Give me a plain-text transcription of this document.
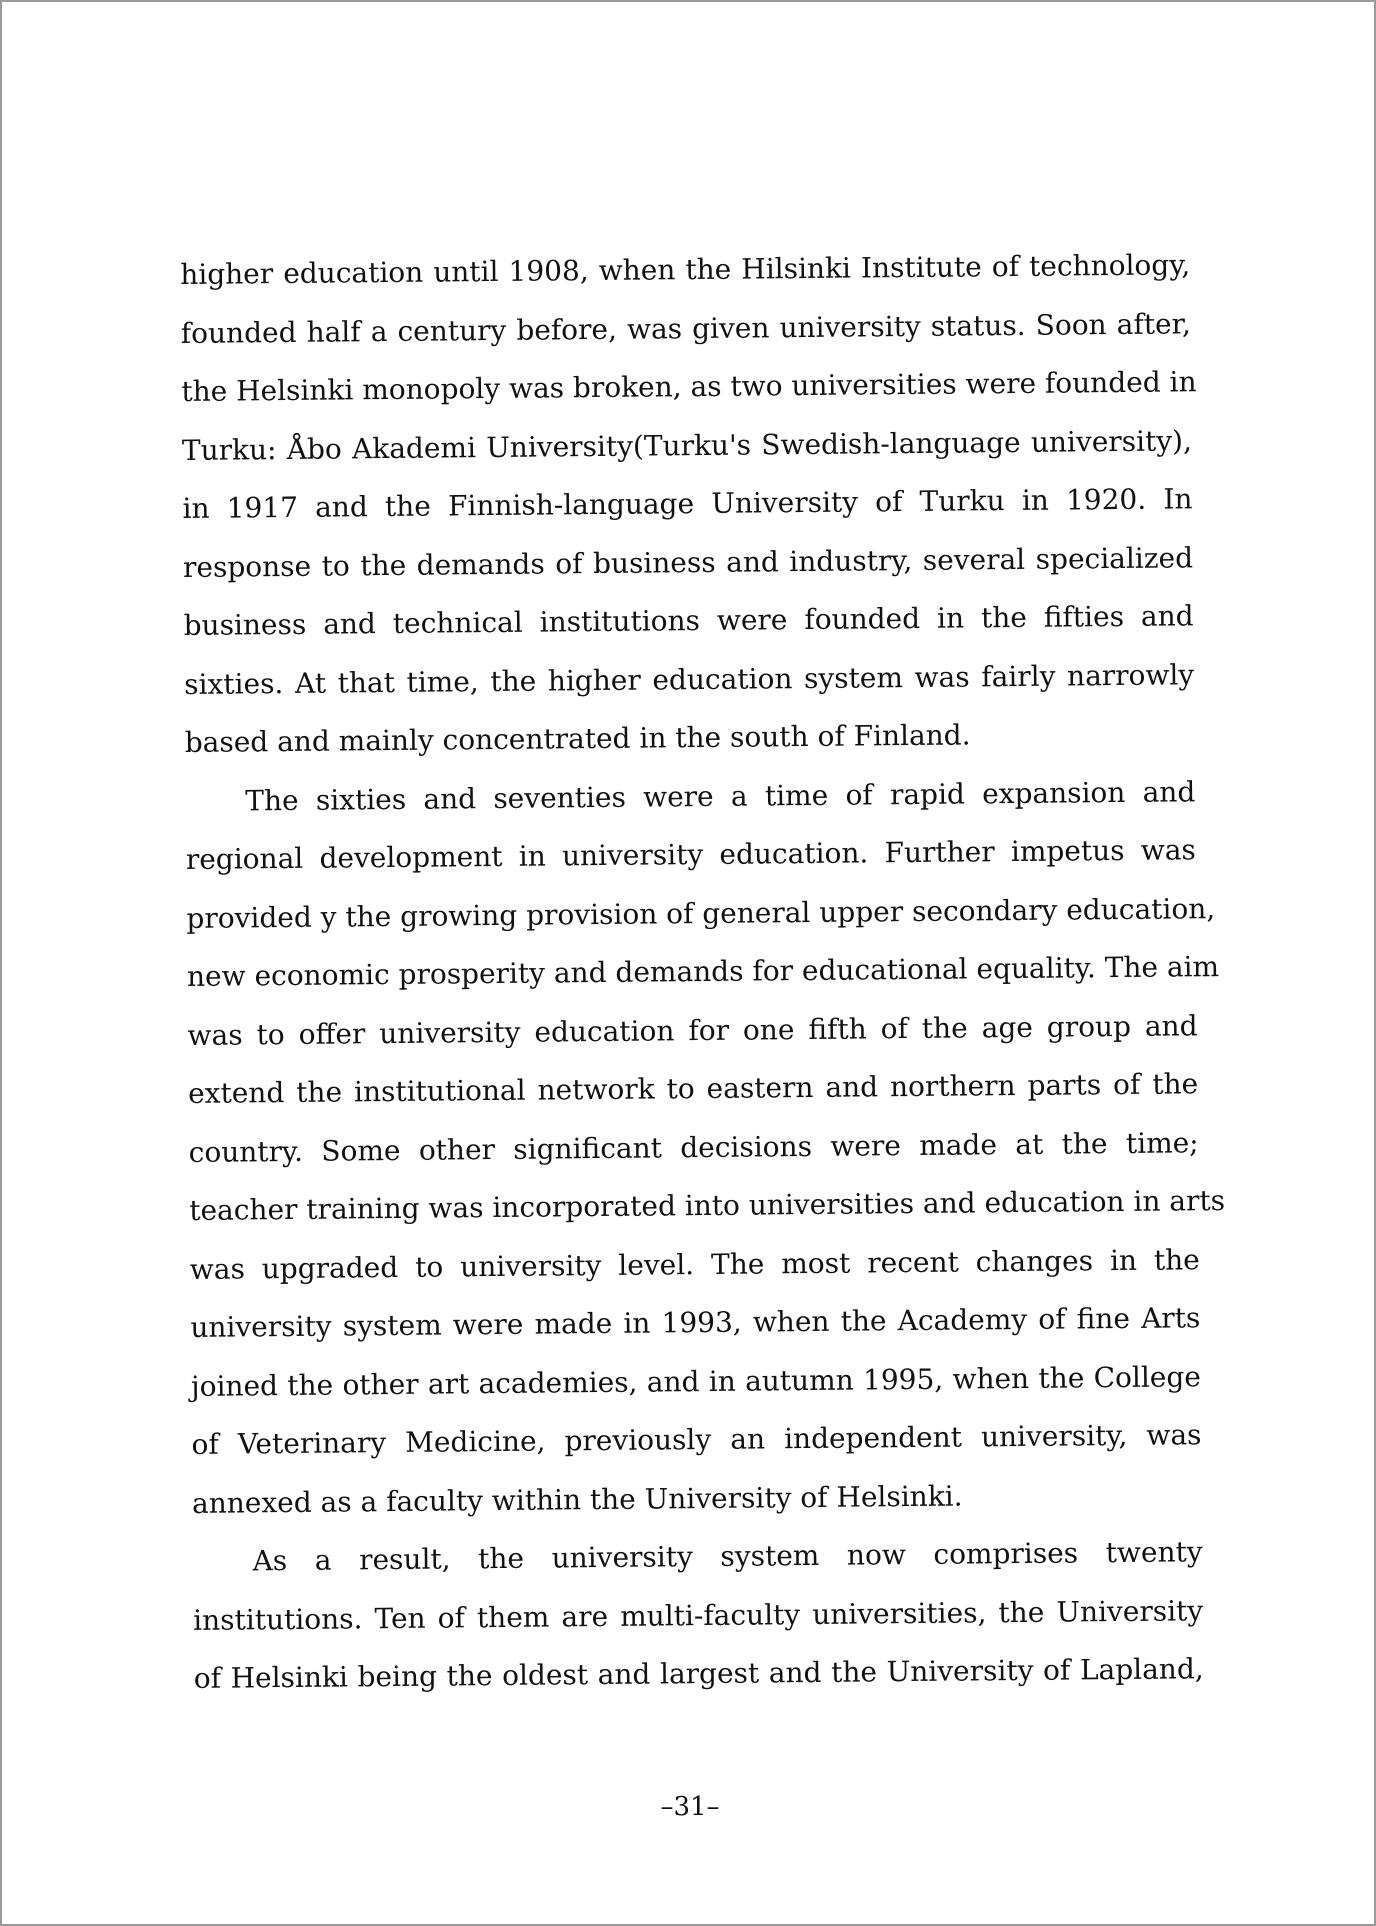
higher education until 1908, when the Hilsinki Institute of technology,
founded half a century before, was given university status. Soon after,
the Helsinki monopoly was broken, as two universities were founded in
Turku: Åbo Akademi University(Turku's Swedish-language university),
in 1917 and the Finnish-language University of Turku in 1920. In
response to the demands of business and industry, several specialized
business and technical institutions were founded in the fifties and
sixties. At that time, the higher education system was fairly narrowly
based and mainly concentrated in the south of Finland.
The sixties and seventies were a time of rapid expansion and
regional development in university education. Further impetus was
provided y the growing provision of general upper secondary education,
new economic prosperity and demands for educational equality. The aim
was to offer university education for one fifth of the age group and
extend the institutional network to eastern and northern parts of the
country. Some other significant decisions were made at the time;
teacher training was incorporated into universities and education in arts
was upgraded to university level. The most recent changes in the
university system were made in 1993, when the Academy of fine Arts
joined the other art academies, and in autumn 1995, when the College
of Veterinary Medicine, previously an independent university, was
annexed as a faculty within the University of Helsinki.
As a result, the university system now comprises twenty
institutions. Ten of them are multi-faculty universities, the University
of Helsinki being the oldest and largest and the University of Lapland,
–31–
